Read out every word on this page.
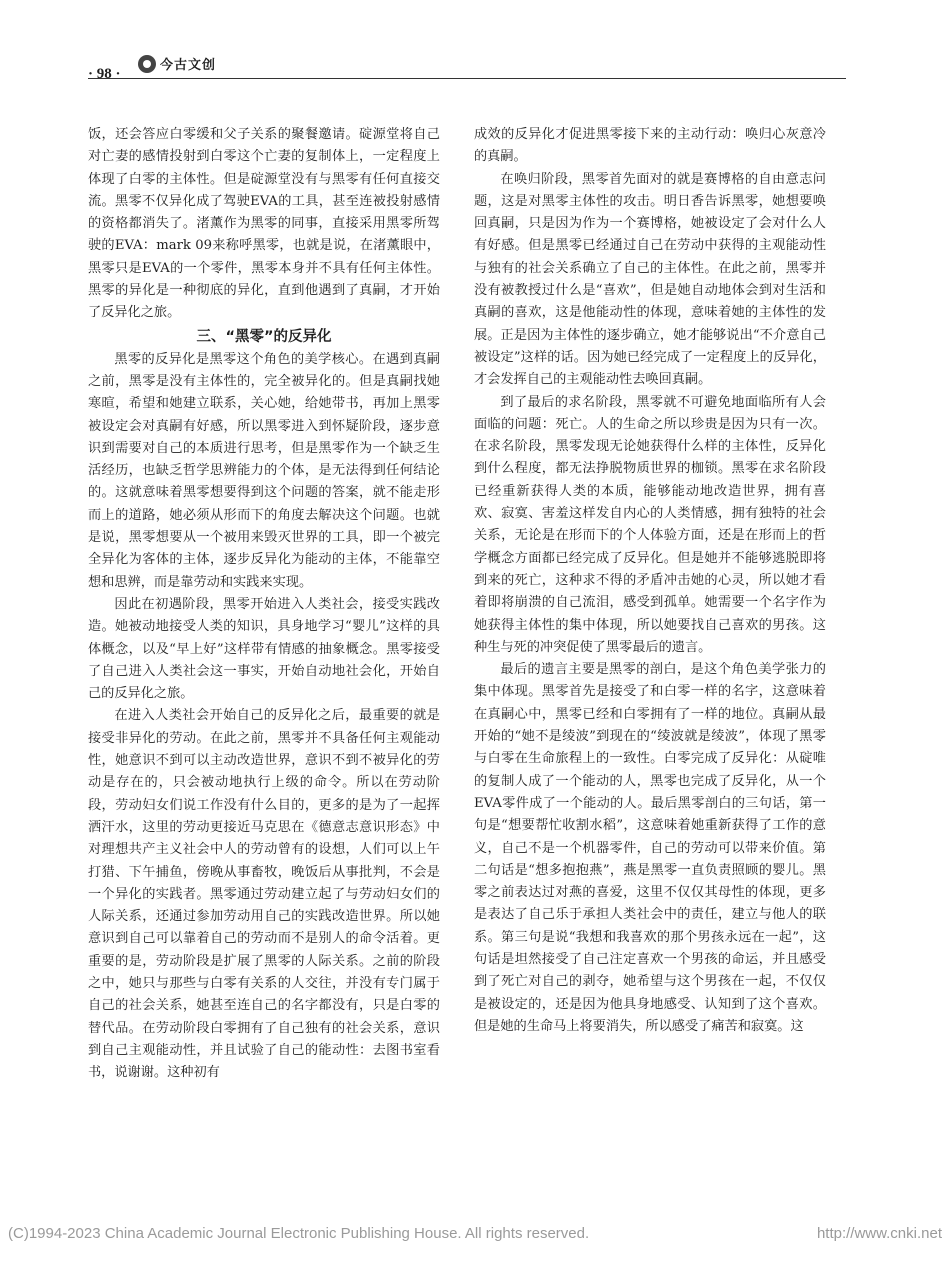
· 98 ·
今古文创

饭，还会答应白零缓和父子关系的聚餐邀请。碇源堂将自己对亡妻的感情投射到白零这个亡妻的复制体上，一定程度上体现了白零的主体性。但是碇源堂没有与黑零有任何直接交流。黑零不仅异化成了驾驶EVA的工具，甚至连被投射感情的资格都消失了。渚薰作为黑零的同事，直接采用黑零所驾驶的EVA：mark 09来称呼黑零，也就是说，在渚薰眼中，黑零只是EVA的一个零件，黑零本身并不具有任何主体性。黑零的异化是一种彻底的异化，直到他遇到了真嗣，才开始了反异化之旅。

三、“黑零”的反异化

黑零的反异化是黑零这个角色的美学核心。在遇到真嗣之前，黑零是没有主体性的，完全被异化的。但是真嗣找她寒暄，希望和她建立联系，关心她，给她带书，再加上黑零被设定会对真嗣有好感，所以黑零进入到怀疑阶段，逐步意识到需要对自己的本质进行思考，但是黑零作为一个缺乏生活经历，也缺乏哲学思辨能力的个体，是无法得到任何结论的。这就意味着黑零想要得到这个问题的答案，就不能走形而上的道路，她必须从形而下的角度去解决这个问题。也就是说，黑零想要从一个被用来毁灭世界的工具，即一个被完全异化为客体的主体，逐步反异化为能动的主体，不能靠空想和思辨，而是靠劳动和实践来实现。

因此在初遇阶段，黑零开始进入人类社会，接受实践改造。她被动地接受人类的知识，具身地学习“婴儿”这样的具体概念，以及“早上好”这样带有情感的抽象概念。黑零接受了自己进入人类社会这一事实，开始自动地社会化，开始自己的反异化之旅。

在进入人类社会开始自己的反异化之后，最重要的就是接受非异化的劳动。在此之前，黑零并不具备任何主观能动性，她意识不到可以主动改造世界，意识不到不被异化的劳动是存在的，只会被动地执行上级的命令。所以在劳动阶段，劳动妇女们说工作没有什么目的，更多的是为了一起挥洒汗水，这里的劳动更接近马克思在《德意志意识形态》中对理想共产主义社会中人的劳动曾有的设想，人们可以上午打猎、下午捕鱼，傍晚从事畜牧，晚饭后从事批判，不会是一个异化的实践者。黑零通过劳动建立起了与劳动妇女们的人际关系，还通过参加劳动用自己的实践改造世界。所以她意识到自己可以靠着自己的劳动而不是别人的命令活着。更重要的是，劳动阶段是扩展了黑零的人际关系。之前的阶段之中，她只与那些与白零有关系的人交往，并没有专门属于自己的社会关系，她甚至连自己的名字都没有，只是白零的替代品。在劳动阶段白零拥有了自己独有的社会关系，意识到自己主观能动性，并且试验了自己的能动性：去图书室看书，说谢谢。这种初有

成效的反异化才促进黑零接下来的主动行动：唤归心灰意冷的真嗣。

在唤归阶段，黑零首先面对的就是赛博格的自由意志问题，这是对黑零主体性的攻击。明日香告诉黑零，她想要唤回真嗣，只是因为作为一个赛博格，她被设定了会对什么人有好感。但是黑零已经通过自己在劳动中获得的主观能动性与独有的社会关系确立了自己的主体性。在此之前，黑零并没有被教授过什么是“喜欢”，但是她自动地体会到对生活和真嗣的喜欢，这是他能动性的体现，意味着她的主体性的发展。正是因为主体性的逐步确立，她才能够说出“不介意自己被设定”这样的话。因为她已经完成了一定程度上的反异化，才会发挥自己的主观能动性去唤回真嗣。

到了最后的求名阶段，黑零就不可避免地面临所有人会面临的问题：死亡。人的生命之所以珍贵是因为只有一次。在求名阶段，黑零发现无论她获得什么样的主体性，反异化到什么程度，都无法挣脱物质世界的枷锁。黑零在求名阶段已经重新获得人类的本质，能够能动地改造世界，拥有喜欢、寂寞、害羞这样发自内心的人类情感，拥有独特的社会关系，无论是在形而下的个人体验方面，还是在形而上的哲学概念方面都已经完成了反异化。但是她并不能够逃脱即将到来的死亡，这种求不得的矛盾冲击她的心灵，所以她才看着即将崩溃的自己流泪，感受到孤单。她需要一个名字作为她获得主体性的集中体现，所以她要找自己喜欢的男孩。这种生与死的冲突促使了黑零最后的遗言。

最后的遗言主要是黑零的剖白，是这个角色美学张力的集中体现。黑零首先是接受了和白零一样的名字，这意味着在真嗣心中，黑零已经和白零拥有了一样的地位。真嗣从最开始的“她不是绫波”到现在的“绫波就是绫波”，体现了黑零与白零在生命旅程上的一致性。白零完成了反异化：从碇唯的复制人成了一个能动的人，黑零也完成了反异化，从一个EVA零件成了一个能动的人。最后黑零剖白的三句话，第一句是“想要帮忙收割水稻”，这意味着她重新获得了工作的意义，自己不是一个机器零件，自己的劳动可以带来价值。第二句话是“想多抱抱燕”，燕是黑零一直负责照顾的婴儿。黑零之前表达过对燕的喜爱，这里不仅仅其母性的体现，更多是表达了自己乐于承担人类社会中的责任，建立与他人的联系。第三句是说“我想和我喜欢的那个男孩永远在一起”，这句话是坦然接受了自己注定喜欢一个男孩的命运，并且感受到了死亡对自己的剥夺，她希望与这个男孩在一起，不仅仅是被设定的，还是因为他具身地感受、认知到了这个喜欢。但是她的生命马上将要消失，所以感受了痛苦和寂寞。这

(C)1994-2023 China Academic Journal Electronic Publishing House. All rights reserved.	http://www.cnki.net
